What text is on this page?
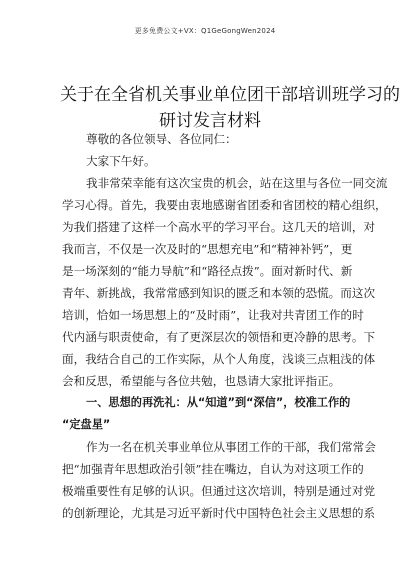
更多免费公文+VX：Q1GeGongWen2024
关于在全省机关事业单位团干部培训班学习的
研讨发言材料
尊敬的各位领导、各位同仁：
大家下午好。
我非常荣幸能有这次宝贵的机会，站在这里与各位一同交流
学习心得。首先，我要由衷地感谢省团委和省团校的精心组织，
为我们搭建了这样一个高水平的学习平台。这几天的培训，对
我而言，不仅是一次及时的“思想充电”和“精神补钙”，更
是一场深刻的“能力导航”和“路径点拨”。面对新时代、新
青年、新挑战，我常常感到知识的匮乏和本领的恐慌。而这次
培训，恰如一场思想上的“及时雨”，让我对共青团工作的时
代内涵与职责使命，有了更深层次的领悟和更冷静的思考。下
面，我结合自己的工作实际，从个人角度，浅谈三点粗浅的体
会和反思，希望能与各位共勉，也恳请大家批评指正。
一、思想的再洗礼：从“知道”到“深信”，校准工作的
“定盘星”
作为一名在机关事业单位从事团工作的干部，我们常常会
把“加强青年思想政治引领”挂在嘴边，自认为对这项工作的
极端重要性有足够的认识。但通过这次培训，特别是通过对党
的创新理论，尤其是习近平新时代中国特色社会主义思想的系
